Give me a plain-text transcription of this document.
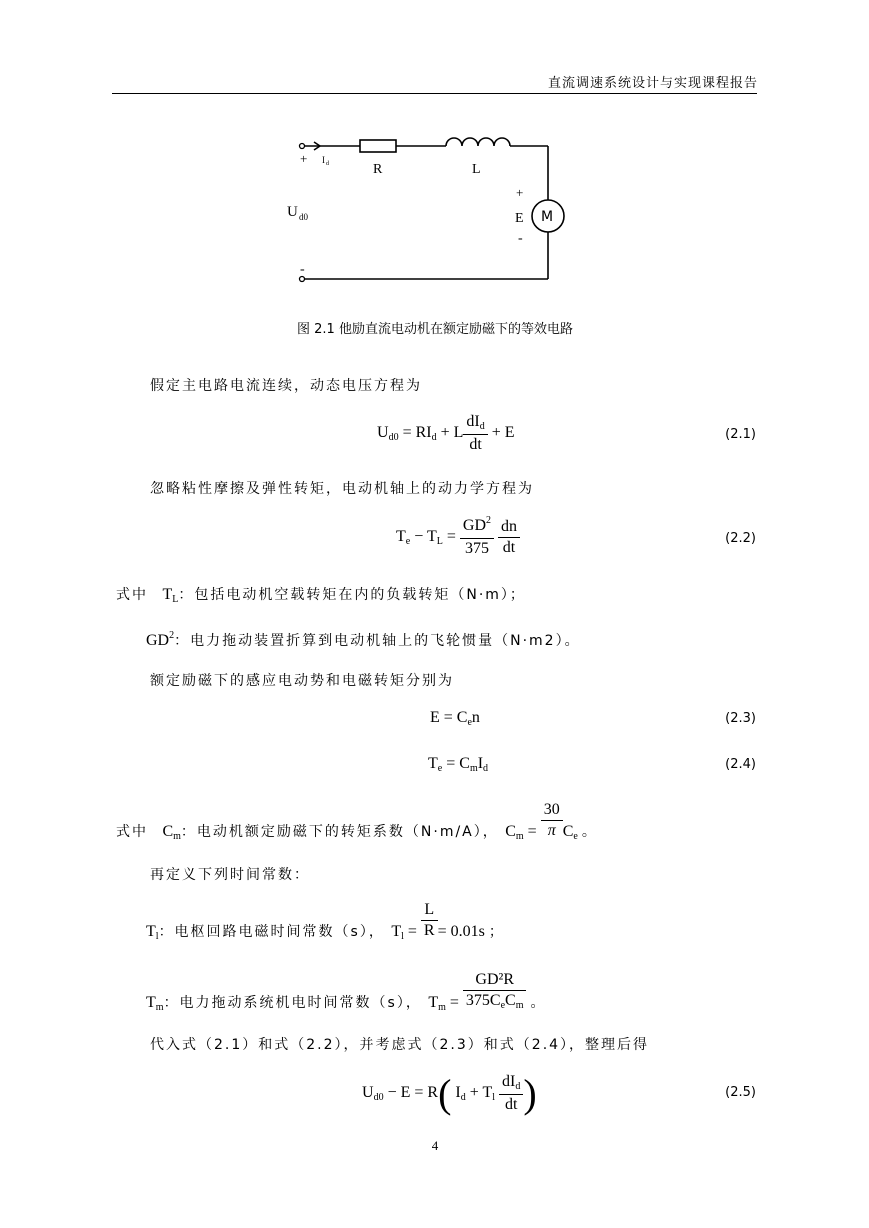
直流调速系统设计与实现课程报告
+ I d	R	L
U d0
+
E
-
M
-
图 2.1 他励直流电动机在额定励磁下的等效电路
假定主电路电流连续，动态电压方程为
Ud0 = RId + L $\frac{\text{dId}}{dt} + E$	(2.1)
忽略粘性摩擦及弹性转矩，电动机轴上的动力学方程为
Te − TL = $\frac{GD^2}{375}$
$\frac{dn}{dt}$	(2.2)
式中 TL：包括电动机空载转矩在内的负载转矩（N·m）；
$GD^2$：电力拖动装置折算到电动机轴上的飞轮惯量（N·m2）。
额定励磁下的感应电动势和电磁转矩分别为
E = Cen	(2.3)
Te = CmId	(2.4)
式中 Cm：电动机额定励磁下的转矩系数（N·m/A）， $Cm = \frac{30}{\pi}$ Ce 。
再定义下列时间常数：
Tl：电枢回路电磁时间常数（s）， $Tl = \frac{L}{R} = 0.01s$ ；
Tm：电力拖动系统机电时间常数（s）， $Tm = \frac{\text{GD²R}}{\text{375CeCm}}$ 。
代入式（2.1）和式（2.2），并考虑式（2.3）和式（2.4），整理后得
Ud0 − E = R( Id + Tl $\frac{\text{dId}}{dt}$ )	(2.5)
4
